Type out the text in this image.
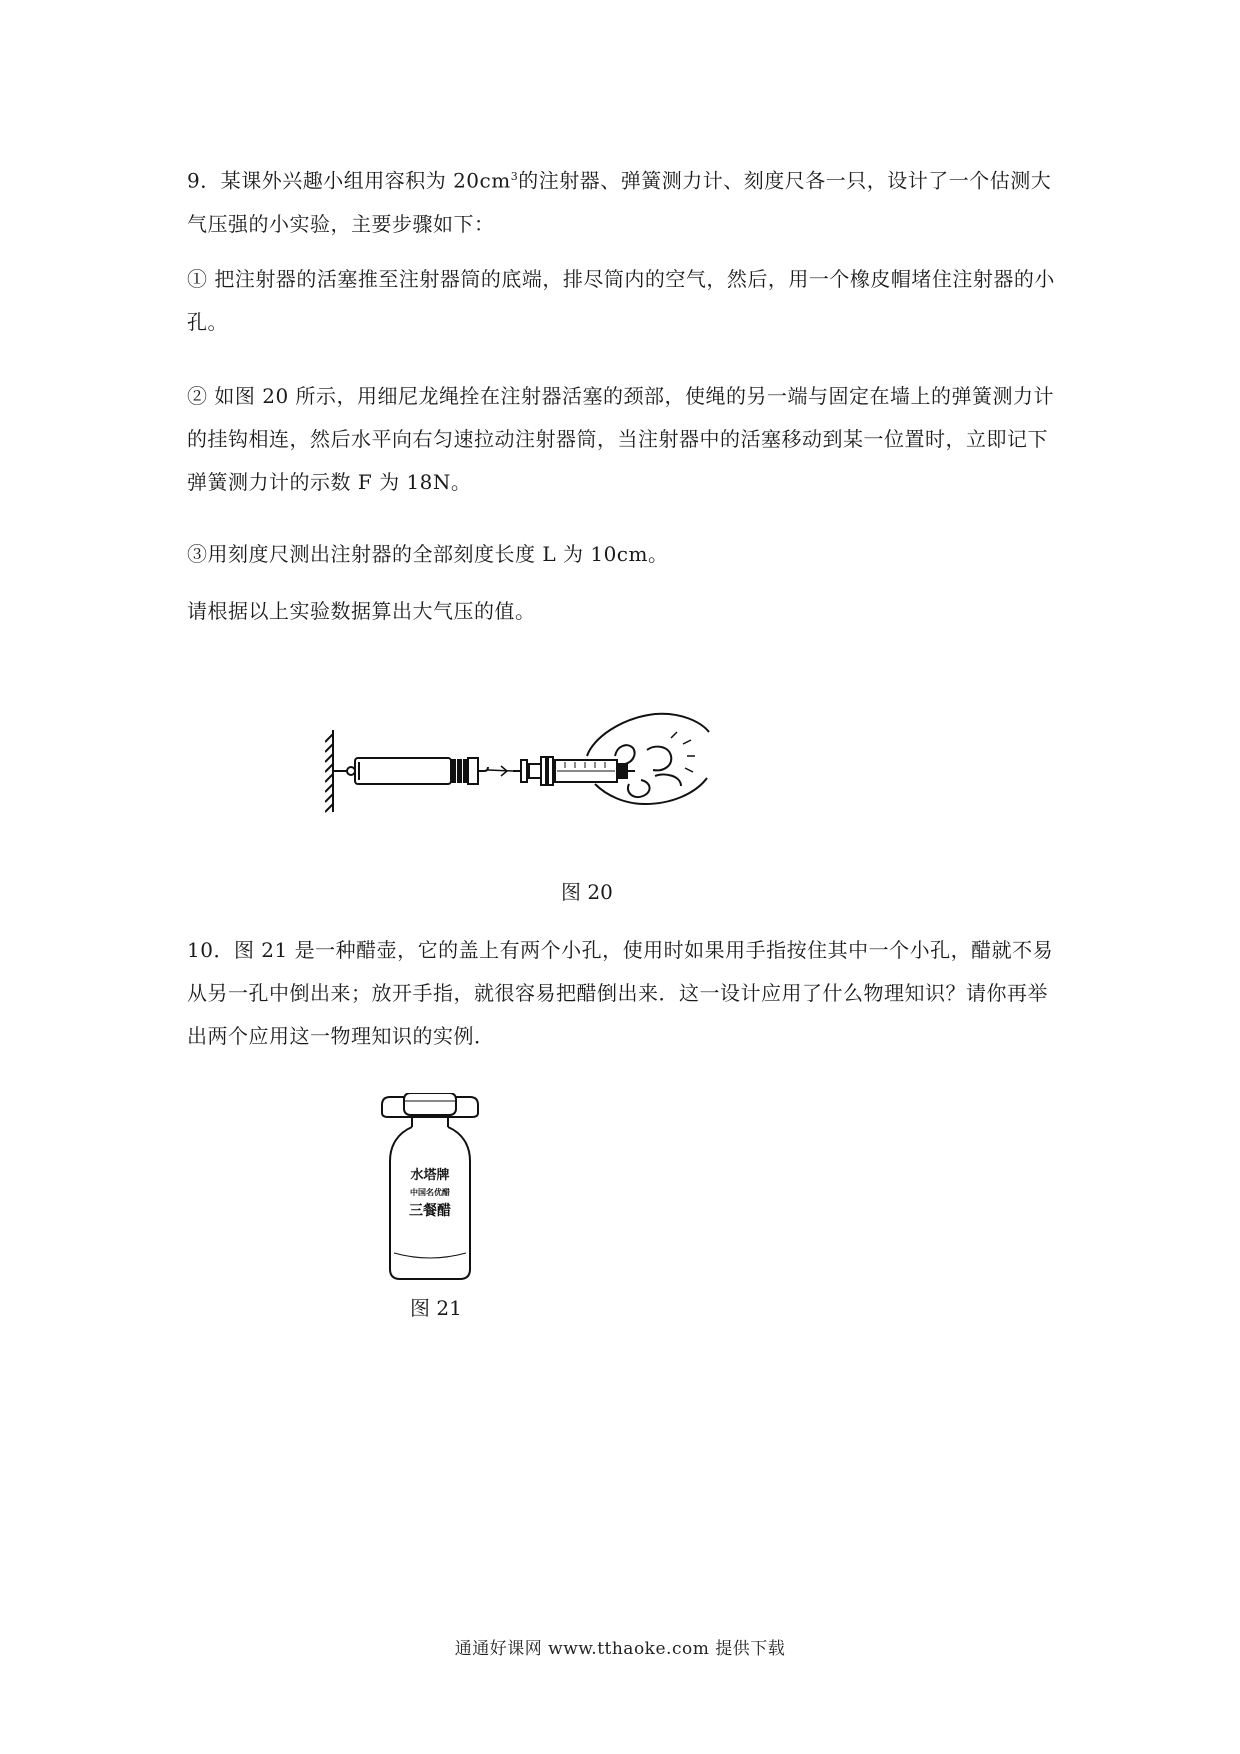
9．某课外兴趣小组用容积为 $20cm^3$的注射器、弹簧测力计、刻度尺各一只，设计了一个估测大气压强的小实验，主要步骤如下：

① 把注射器的活塞推至注射器筒的底端，排尽筒内的空气，然后，用一个橡皮帽堵住注射器的小孔。

② 如图 20 所示，用细尼龙绳拴在注射器活塞的颈部，使绳的另一端与固定在墙上的弹簧测力计的挂钩相连，然后水平向右匀速拉动注射器筒，当注射器中的活塞移动到某一位置时，立即记下弹簧测力计的示数 F 为 18N。

③用刻度尺测出注射器的全部刻度长度 L 为 10cm。

请根据以上实验数据算出大气压的值。

图 20

10．图 21 是一种醋壶，它的盖上有两个小孔，使用时如果用手指按住其中一个小孔，醋就不易从另一孔中倒出来；放开手指，就很容易把醋倒出来．这一设计应用了什么物理知识？请你再举出两个应用这一物理知识的实例．

水塔牌
中国名优醋
三餐醋
图 21
通通好课网 www.tthaoke.com 提供下载
